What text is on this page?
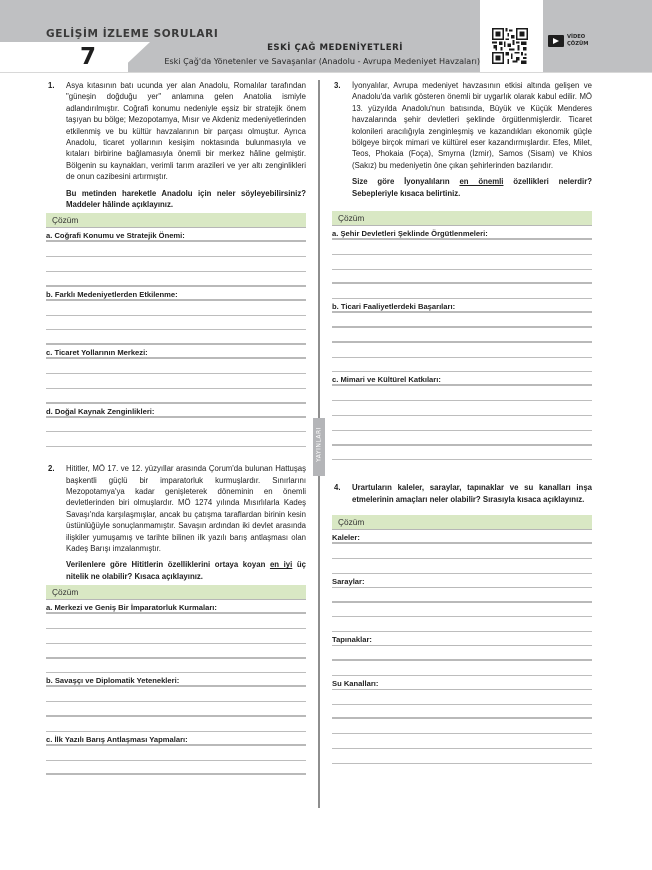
GELİŞİM İZLEME SORULARI
7	ESKİ ÇAĞ MEDENİYETLERİ
Eski Çağ'da Yönetenler ve Savaşanlar (Anadolu - Avrupa Medeniyet Havzaları)
VİDEO
ÇÖZÜM
YAYINLARI
1. Asya kıtasının batı ucunda yer alan Anadolu, Romalılar tarafından "güneşin doğduğu yer" anlamına gelen Anatolia ismiyle adlandırılmıştır. Coğrafi konumu nedeniyle eşsiz bir stratejik önem taşıyan bu bölge; Mezopotamya, Mısır ve Akdeniz medeniyetlerinden etkilenmiş ve bu kültür havzalarının bir parçası olmuştur. Ayrıca Anadolu, ticaret yollarının kesişim noktasında bulunmasıyla ve kıtaları birbirine bağlamasıyla önemli bir merkez hâline gelmiştir. Bölgenin su kaynakları, verimli tarım arazileri ve yer altı zenginlikleri de onun cazibesini artırmıştır.
Bu metinden hareketle Anadolu için neler söyleyebilirsiniz? Maddeler hâlinde açıklayınız.
Çözüm
a. Coğrafi Konumu ve Stratejik Önemi:
b. Farklı Medeniyetlerden Etkilenme:
c. Ticaret Yollarının Merkezi:
d. Doğal Kaynak Zenginlikleri:
2. Hititler, MÖ 17. ve 12. yüzyıllar arasında Çorum'da bulunan Hattuşaş başkentli güçlü bir imparatorluk kurmuşlardır. Sınırlarını Mezopotamya'ya kadar genişleterek döneminin en önemli devletlerinden biri olmuşlardır. MÖ 1274 yılında Mısırlılarla Kadeş Savaşı'nda karşılaşmışlar, ancak bu çatışma taraflardan birinin kesin üstünlüğüyle sonuçlanmamıştır. Savaşın ardından iki devlet arasında ilişkiler yumuşamış ve tarihte bilinen ilk yazılı barış antlaşması olan Kadeş Barışı imzalanmıştır.
Verilenlere göre Hititlerin özelliklerini ortaya koyan en iyi üç nitelik ne olabilir? Kısaca açıklayınız.
Çözüm
a. Merkezi ve Geniş Bir İmparatorluk Kurmaları:
b. Savaşçı ve Diplomatik Yetenekleri:
c. İlk Yazılı Barış Antlaşması Yapmaları:
3. İyonyalılar, Avrupa medeniyet havzasının etkisi altında gelişen ve Anadolu'da varlık gösteren önemli bir uygarlık olarak kabul edilir. MÖ 13. yüzyılda Anadolu'nun batısında, Büyük ve Küçük Menderes havzalarında şehir devletleri şeklinde örgütlenmişlerdir. Ticaret kolonileri aracılığıyla zenginleşmiş ve kazandıkları ekonomik güçle bölgeye birçok mimari ve kültürel eser kazandırmışlardır. Efes, Milet, Teos, Phokaia (Foça), Smyrna (İzmir), Samos (Sisam) ve Khios (Sakız) bu medeniyetin öne çıkan şehirlerinden bazılarıdır.
Size göre İyonyalıların en önemli özellikleri nelerdir? Sebepleriyle kısaca belirtiniz.
Çözüm
a. Şehir Devletleri Şeklinde Örgütlenmeleri:
b. Ticari Faaliyetlerdeki Başarıları:
c. Mimari ve Kültürel Katkıları:
4. Urartuların kaleler, saraylar, tapınaklar ve su kanalları inşa etmelerinin amaçları neler olabilir? Sırasıyla kısaca açıklayınız.
Çözüm
Kaleler:
Saraylar:
Tapınaklar:
Su Kanalları:
